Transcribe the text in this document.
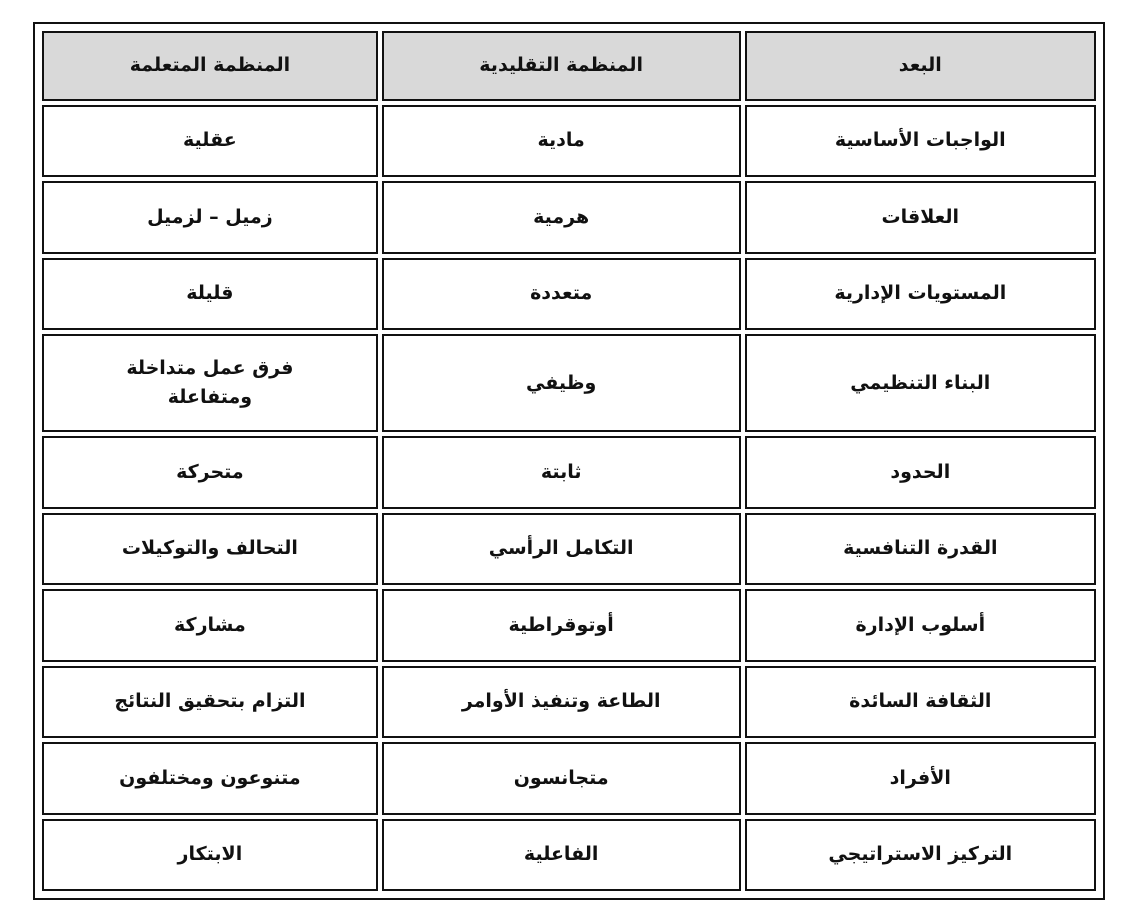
البعد	المنظمة التقليدية	المنظمة المتعلمة
الواجبات الأساسية	مادية	عقلية
العلاقات	هرمية	زميل – لزميل
المستويات الإدارية	متعددة	قليلة
البناء التنظيمي	وظيفي	فرق عمل متداخلة
ومتفاعلة
الحدود	ثابتة	متحركة
القدرة التنافسية	التكامل الرأسي	التحالف والتوكيلات
أسلوب الإدارة	أوتوقراطية	مشاركة
الثقافة السائدة	الطاعة وتنفيذ الأوامر	التزام بتحقيق النتائج
الأفراد	متجانسون	متنوعون ومختلفون
التركيز الاستراتيجي	الفاعلية	الابتكار
